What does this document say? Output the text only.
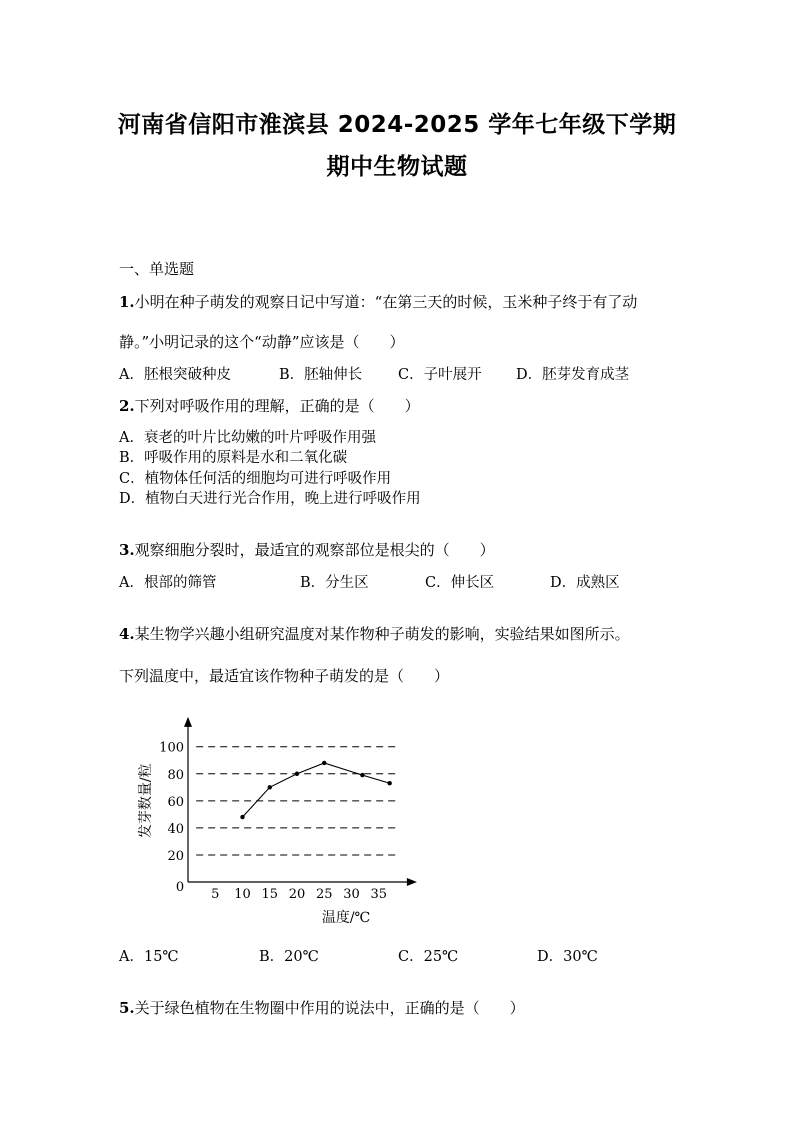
河南省信阳市淮滨县 2024-2025 学年七年级下学期
期中生物试题
一、单选题
1.小明在种子萌发的观察日记中写道：“在第三天的时候，玉米种子终于有了动
静。”小明记录的这个“动静”应该是（　　）
A．胚根突破种皮	B．胚轴伸长 C．子叶展开 D．胚芽发育成茎
2.下列对呼吸作用的理解，正确的是（　　）
A．衰老的叶片比幼嫩的叶片呼吸作用强
B．呼吸作用的原料是水和二氧化碳
C．植物体任何活的细胞均可进行呼吸作用
D．植物白天进行光合作用，晚上进行呼吸作用
3.观察细胞分裂时，最适宜的观察部位是根尖的（　　）
A．根部的筛管	B．分生区	C．伸长区	D．成熟区
4.某生物学兴趣小组研究温度对某作物种子萌发的影响，实验结果如图所示。
下列温度中，最适宜该作物种子萌发的是（　　）
20
40
60
80
100
5 10 15 20 25 30 35
0
温度/℃
发芽数量/粒
A．15℃	B．20℃	C．25℃	D．30℃
5.关于绿色植物在生物圈中作用的说法中，正确的是（　　）
